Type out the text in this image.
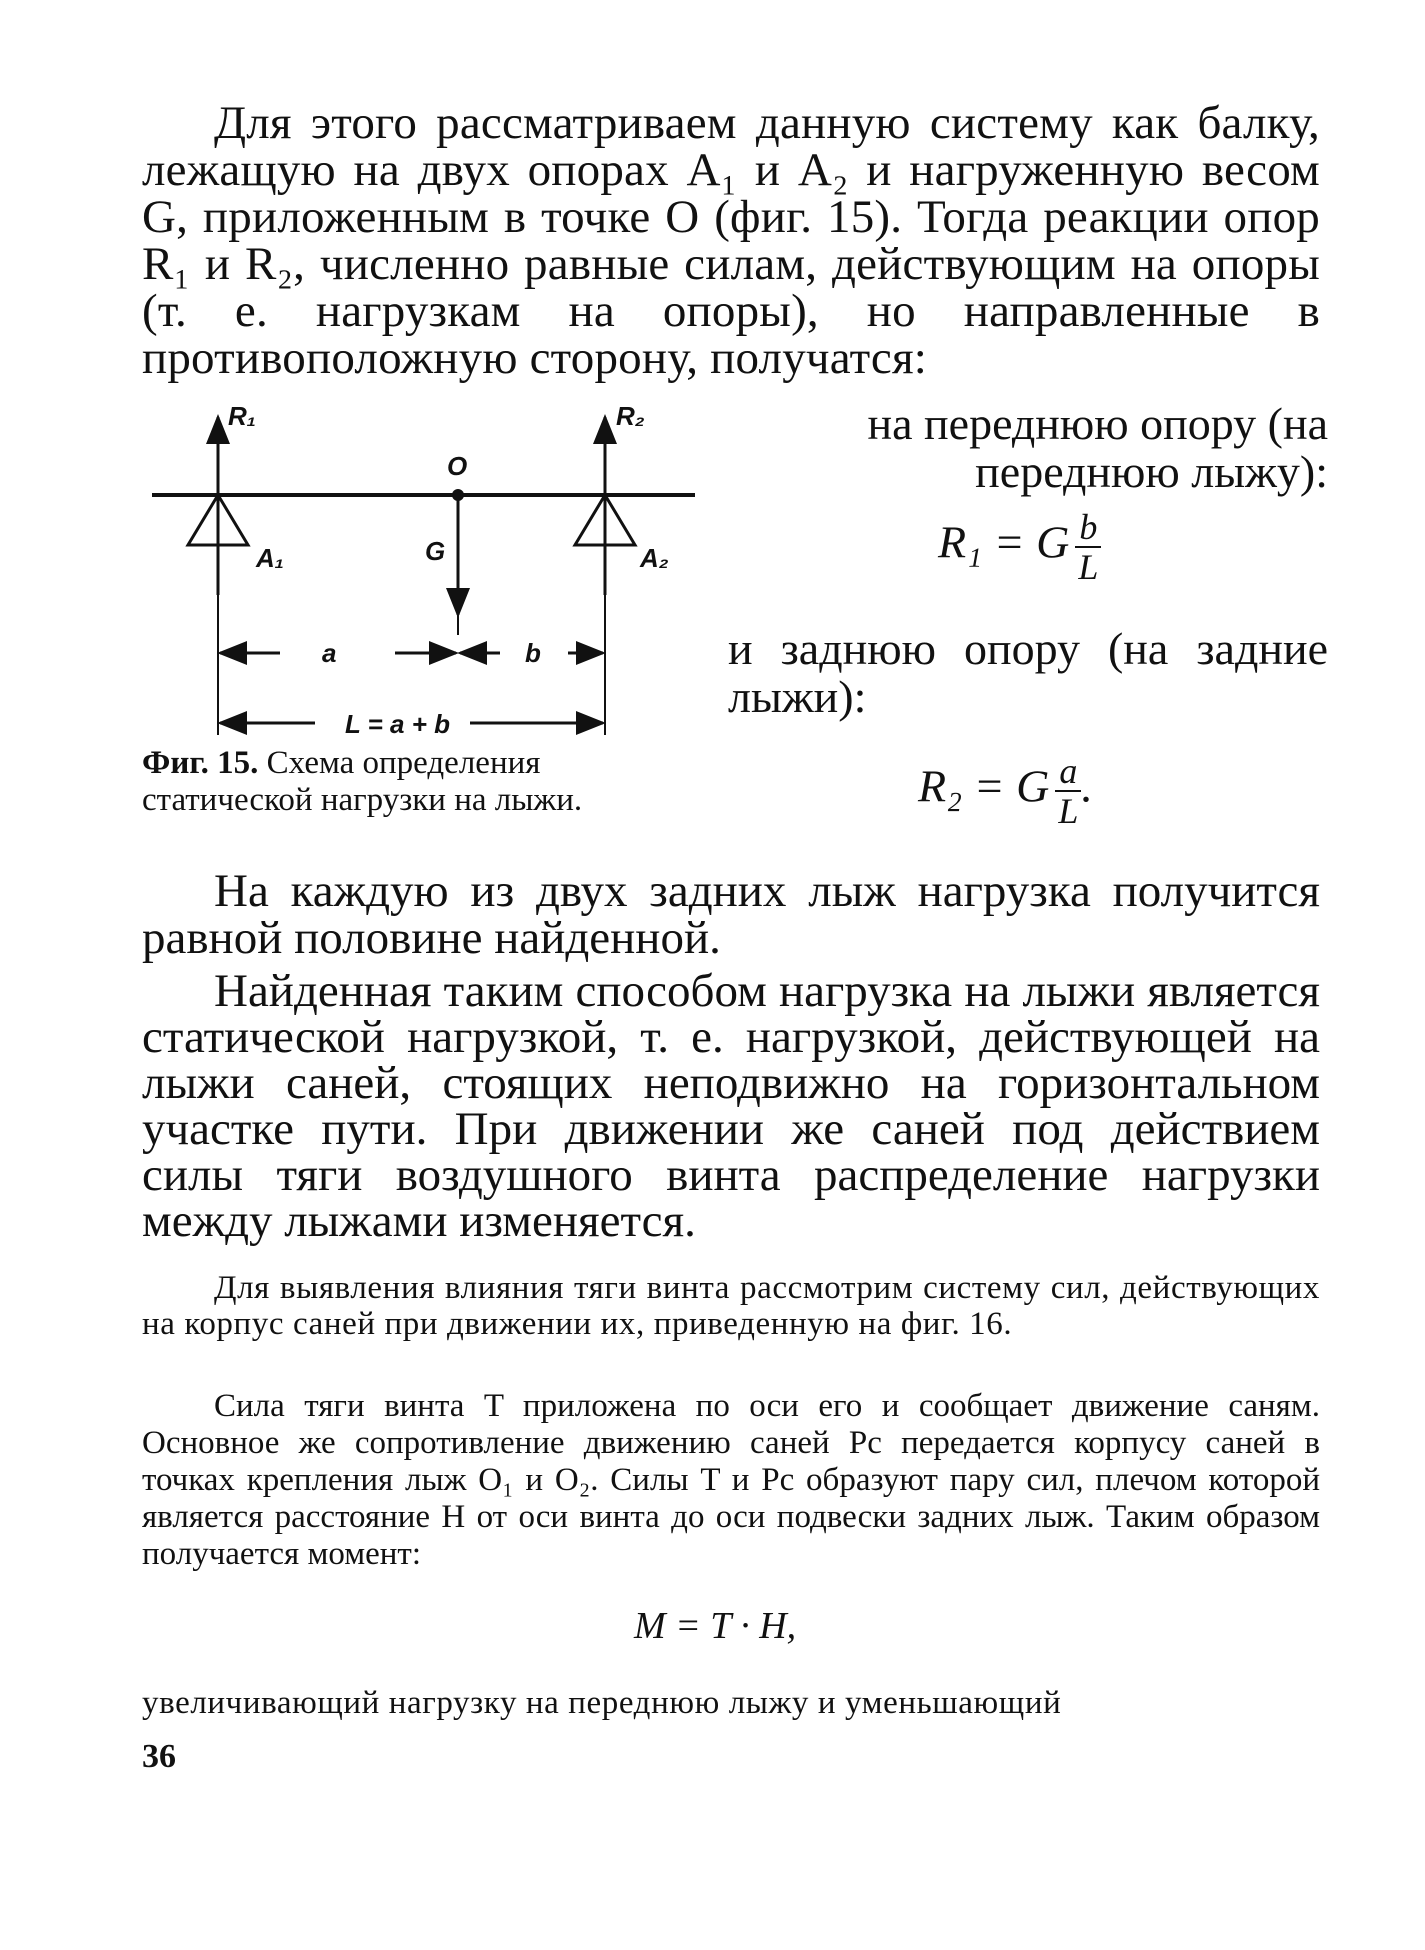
Для этого рассматриваем данную систему как балку, лежащую на двух опорах A₁ и A₂ и нагруженную весом G, приложенным в точке O (фиг. 15). Тогда реакции опор R₁ и R₂, численно равные силам, действующим на опоры (т. е. нагрузкам на опоры), но направленные в противоположную сторону, получатся:

R₁	R₂
O
G
A₁	A₂
a	b
L = a + b

Фиг. 15. Схема определения статической нагрузки на лыжи.

на переднюю опору (на переднюю лыжу):

R₁ = G $\frac{b}{L}$

и заднюю опору (на задние лыжи):

R₂ = G $\frac{a}{L}$ .

На каждую из двух задних лыж нагрузка получится равной половине найденной.

Найденная таким способом нагрузка на лыжи является статической нагрузкой, т. е. нагрузкой, действующей на лыжи саней, стоящих неподвижно на горизонтальном участке пути. При движении же саней под действием силы тяги воздушного винта распределение нагрузки между лыжами изменяется.

Для выявления влияния тяги винта рассмотрим систему сил, действующих на корпус саней при движении их, приведенную на фиг. 16.

Сила тяги винта T приложена по оси его и сообщает движение саням. Основное же сопротивление движению саней Pc передается корпусу саней в точках крепления лыж O₁ и O₂. Силы T и Pc образуют пару сил, плечом которой является расстояние H от оси винта до оси подвески задних лыж. Таким образом получается момент:

M = T · H,

увеличивающий нагрузку на переднюю лыжу и уменьшающий

36
